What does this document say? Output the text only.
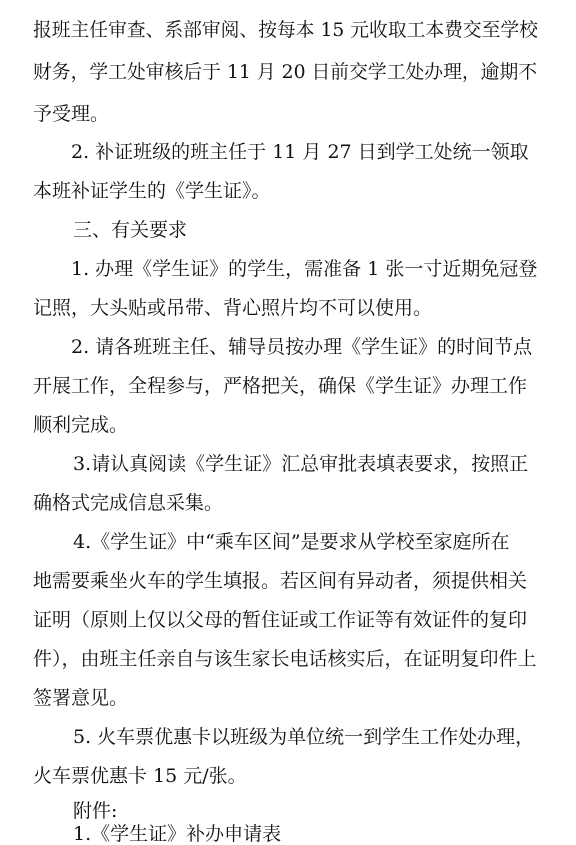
报班主任审查、系部审阅、按每本 15 元收取工本费交至学校
财务，学工处审核后于 11 月 20 日前交学工处办理，逾期不
予受理。
2. 补证班级的班主任于 11 月 27 日到学工处统一领取
本班补证学生的《学生证》。
三、有关要求
1. 办理《学生证》的学生，需准备 1 张一寸近期免冠登
记照，大头贴或吊带、背心照片均不可以使用。
2. 请各班班主任、辅导员按办理《学生证》的时间节点
开展工作，全程参与，严格把关，确保《学生证》办理工作
顺利完成。
3.请认真阅读《学生证》汇总审批表填表要求，按照正
确格式完成信息采集。
4.《学生证》中“乘车区间”是要求从学校至家庭所在
地需要乘坐火车的学生填报。若区间有异动者，须提供相关
证明（原则上仅以父母的暂住证或工作证等有效证件的复印
件），由班主任亲自与该生家长电话核实后，在证明复印件上
签署意见。
5. 火车票优惠卡以班级为单位统一到学生工作处办理，
火车票优惠卡 15 元/张。
附件:
1.《学生证》补办申请表
